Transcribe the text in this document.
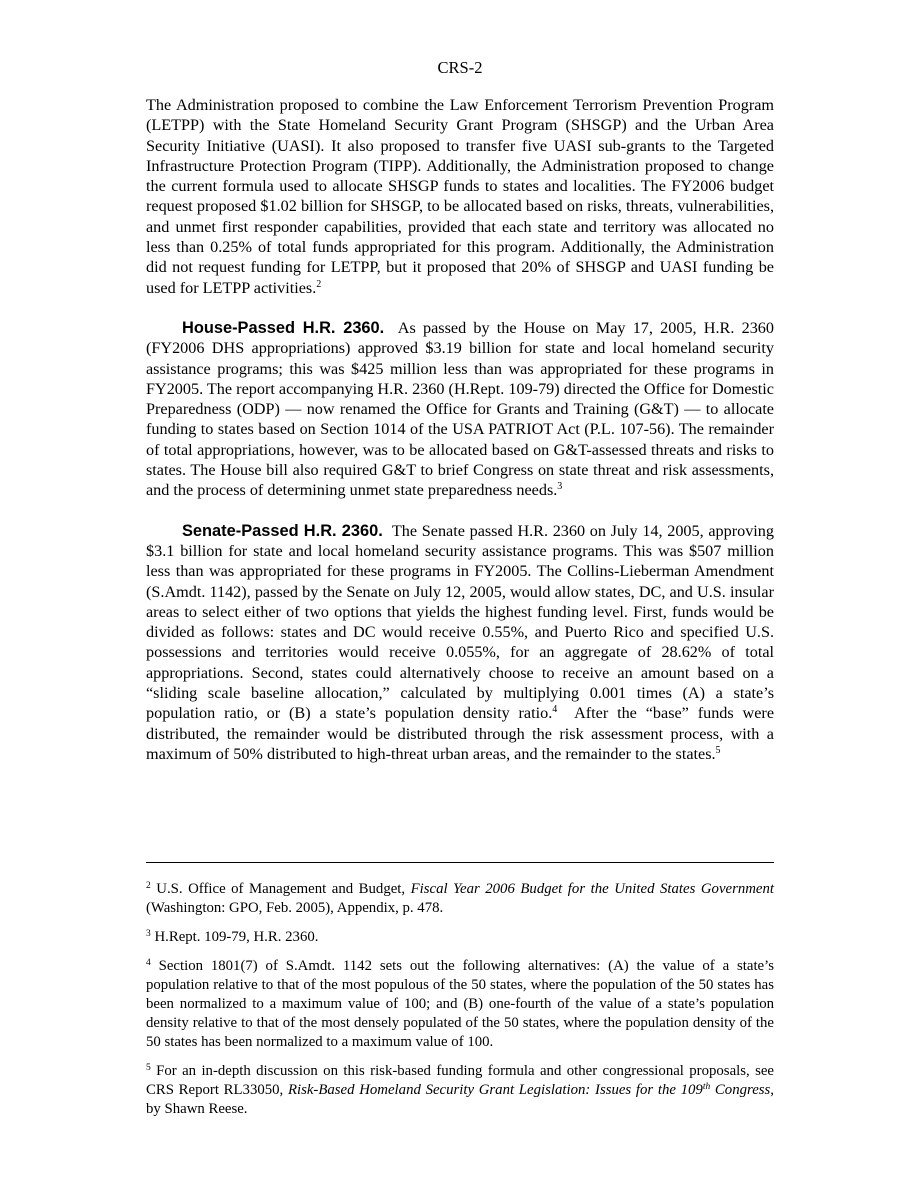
CRS-2

The Administration proposed to combine the Law Enforcement Terrorism Prevention Program (LETPP) with the State Homeland Security Grant Program (SHSGP) and the Urban Area Security Initiative (UASI). It also proposed to transfer five UASI sub-grants to the Targeted Infrastructure Protection Program (TIPP). Additionally, the Administration proposed to change the current formula used to allocate SHSGP funds to states and localities. The FY2006 budget request proposed $1.02 billion for SHSGP, to be allocated based on risks, threats, vulnerabilities, and unmet first responder capabilities, provided that each state and territory was allocated no less than 0.25% of total funds appropriated for this program. Additionally, the Administration did not request funding for LETPP, but it proposed that 20% of SHSGP and UASI funding be used for LETPP activities.$^2$

House-Passed H.R. 2360. As passed by the House on May 17, 2005, H.R. 2360 (FY2006 DHS appropriations) approved $3.19 billion for state and local homeland security assistance programs; this was $425 million less than was appropriated for these programs in FY2005. The report accompanying H.R. 2360 (H.Rept. 109-79) directed the Office for Domestic Preparedness (ODP) — now renamed the Office for Grants and Training (G&T) — to allocate funding to states based on Section 1014 of the USA PATRIOT Act (P.L. 107-56). The remainder of total appropriations, however, was to be allocated based on G&T-assessed threats and risks to states. The House bill also required G&T to brief Congress on state threat and risk assessments, and the process of determining unmet state preparedness needs.$^3$

Senate-Passed H.R. 2360. The Senate passed H.R. 2360 on July 14, 2005, approving $3.1 billion for state and local homeland security assistance programs. This was $507 million less than was appropriated for these programs in FY2005. The Collins-Lieberman Amendment (S.Amdt. 1142), passed by the Senate on July 12, 2005, would allow states, DC, and U.S. insular areas to select either of two options that yields the highest funding level. First, funds would be divided as follows: states and DC would receive 0.55%, and Puerto Rico and specified U.S. possessions and territories would receive 0.055%, for an aggregate of 28.62% of total appropriations. Second, states could alternatively choose to receive an amount based on a “sliding scale baseline allocation,” calculated by multiplying 0.001 times (A) a state’s population ratio, or (B) a state’s population density ratio.$^4$ After the “base” funds were distributed, the remainder would be distributed through the risk assessment process, with a maximum of 50% distributed to high-threat urban areas, and the remainder to the states.$^5$

$^2$ U.S. Office of Management and Budget, Fiscal Year 2006 Budget for the United States Government (Washington: GPO, Feb. 2005), Appendix, p. 478.

$^3$ H.Rept. 109-79, H.R. 2360.

$^4$ Section 1801(7) of S.Amdt. 1142 sets out the following alternatives: (A) the value of a state’s population relative to that of the most populous of the 50 states, where the population of the 50 states has been normalized to a maximum value of 100; and (B) one-fourth of the value of a state’s population density relative to that of the most densely populated of the 50 states, where the population density of the 50 states has been normalized to a maximum value of 100.

$^5$ For an in-depth discussion on this risk-based funding formula and other congressional proposals, see CRS Report RL33050, Risk-Based Homeland Security Grant Legislation: Issues for the 109th Congress, by Shawn Reese.
